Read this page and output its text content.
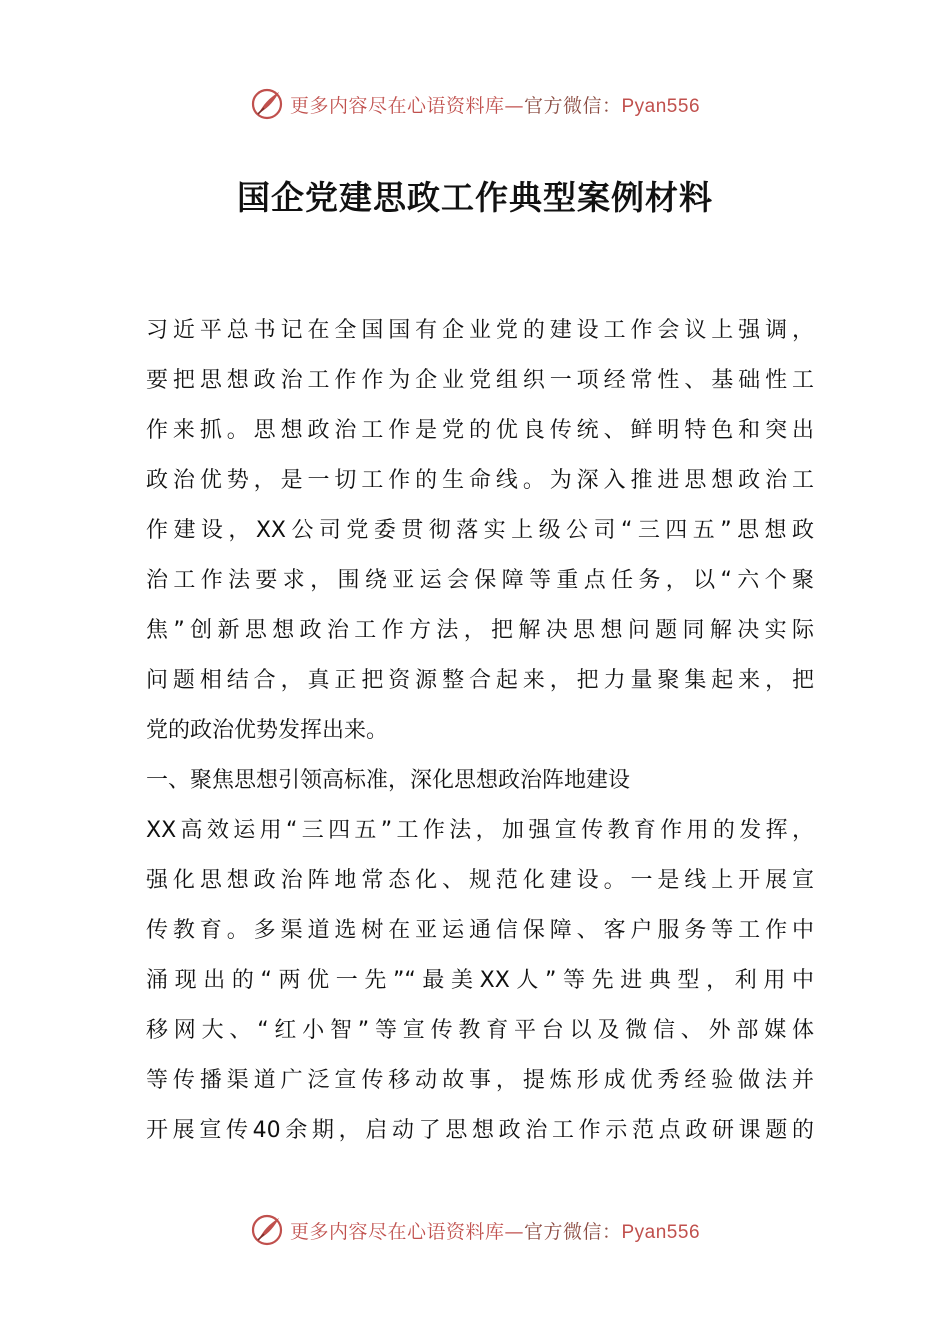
更多内容尽在心语资料库—官方微信：Pyan556
国企党建思政工作典型案例材料
习近平总书记在全国国有企业党的建设工作会议上强调，
要把思想政治工作作为企业党组织一项经常性、基础性工
作来抓。思想政治工作是党的优良传统、鲜明特色和突出
政治优势，是一切工作的生命线。为深入推进思想政治工
作建设，XX公司党委贯彻落实上级公司“三四五”思想政
治工作法要求，围绕亚运会保障等重点任务，以“六个聚
焦”创新思想政治工作方法，把解决思想问题同解决实际
问题相结合，真正把资源整合起来，把力量聚集起来，把
党的政治优势发挥出来。
一、聚焦思想引领高标准，深化思想政治阵地建设
XX高效运用“三四五”工作法，加强宣传教育作用的发挥，
强化思想政治阵地常态化、规范化建设。一是线上开展宣
传教育。多渠道选树在亚运通信保障、客户服务等工作中
涌现出的“两优一先”“最美XX人”等先进典型，利用中
移网大、“红小智”等宣传教育平台以及微信、外部媒体
等传播渠道广泛宣传移动故事，提炼形成优秀经验做法并
开展宣传40余期，启动了思想政治工作示范点政研课题的
更多内容尽在心语资料库—官方微信：Pyan556
